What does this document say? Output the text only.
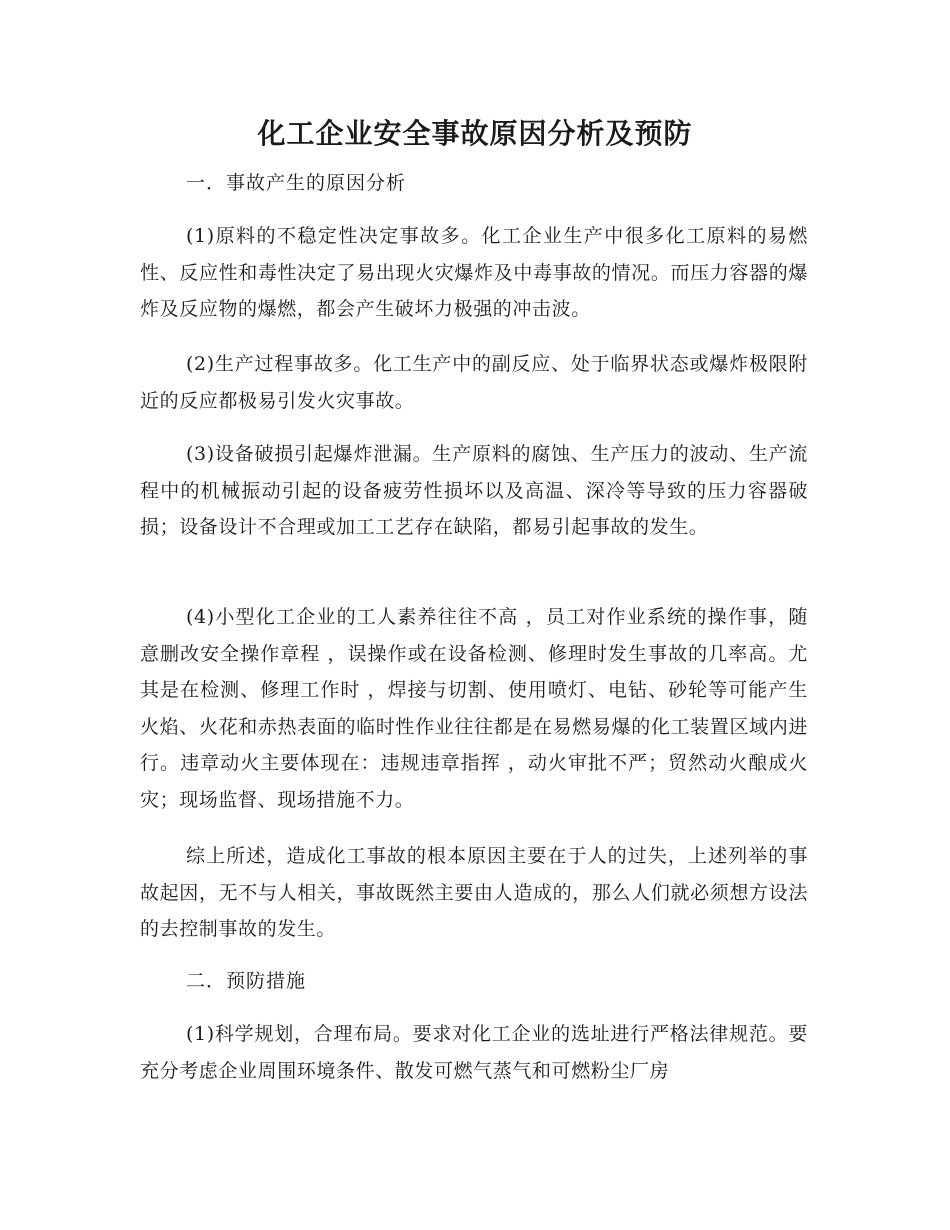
化工企业安全事故原因分析及预防
一．事故产生的原因分析

(1)原料的不稳定性决定事故多。化工企业生产中很多化工原料的易燃性、反应性和毒性决定了易出现火灾爆炸及中毒事故的情况。而压力容器的爆炸及反应物的爆燃，都会产生破坏力极强的冲击波。

(2)生产过程事故多。化工生产中的副反应、处于临界状态或爆炸极限附近的反应都极易引发火灾事故。

(3)设备破损引起爆炸泄漏。生产原料的腐蚀、生产压力的波动、生产流程中的机械振动引起的设备疲劳性损坏以及高温、深冷等导致的压力容器破损；设备设计不合理或加工工艺存在缺陷，都易引起事故的发生。

(4)小型化工企业的工人素养往往不高 ，员工对作业系统的操作事，随意删改安全操作章程 ，误操作或在设备检测、修理时发生事故的几率高。尤其是在检测、修理工作时 ，焊接与切割、使用喷灯、电钻、砂轮等可能产生火焰、火花和赤热表面的临时性作业往往都是在易燃易爆的化工装置区域内进行。违章动火主要体现在：违规违章指挥 ，动火审批不严；贸然动火酿成火灾；现场监督、现场措施不力。

综上所述，造成化工事故的根本原因主要在于人的过失，上述列举的事故起因，无不与人相关，事故既然主要由人造成的，那么人们就必须想方设法的去控制事故的发生。

二．预防措施

(1)科学规划，合理布局。要求对化工企业的选址进行严格法律规范。要充分考虑企业周围环境条件、散发可燃气蒸气和可燃粉尘厂房
